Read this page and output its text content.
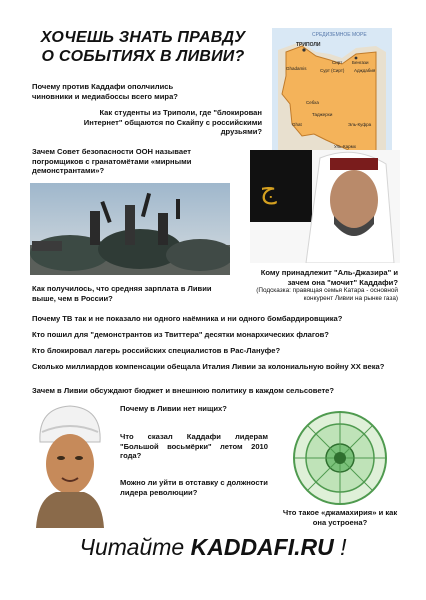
ХОЧЕШЬ ЗНАТЬ ПРАВДУ
О СОБЫТИЯХ В ЛИВИИ?
СРЕДИЗЕМНОЕ МОРЕ
ТРИПОЛИ
Бенгази
Сирт
Сурт (Сирт) Адждабия
Ghadamis
Себха
Эль-Куфра
Таджерхи
Ghat
Уль-Кармх
Почему против Каддафи ополчились чиновники и медиабоссы всего мира?
Как студенты из Триполи, где "блокирован Интернет" общаются по Скайпу с российскими друзьями?
Зачем Совет безопасности ООН называет погромщиков с гранатомётами «мирными демонстрантами»?
ج
Кому принадлежит "Аль-Джазира" и зачем она "мочит" Каддафи?
(Подсказка: правящая семья Катара - основной конкурент Ливии на рынке газа)
Как получилось, что средняя зарплата в Ливии выше, чем в России?
Почему ТВ так и не показало ни одного наёмника и ни одного бомбардировщика?
Кто пошил для "демонстрантов из Твиттера" десятки монархических флагов?
Кто блокировал лагерь российских специалистов в Рас-Лануфе?
Сколько миллиардов компенсации обещала Италия Ливии за колониальную войну XX века?
Зачем в Ливии обсуждают бюджет и внешнюю политику в каждом сельсовете?
Почему в Ливии нет нищих?
Что сказал Каддафи лидерам "Большой восьмёрки" летом 2010 года?
Можно ли уйти в отставку с должности лидера революции?
Что такое «джамахирия» и как она устроена?
Читайте KADDAFI.RU !
